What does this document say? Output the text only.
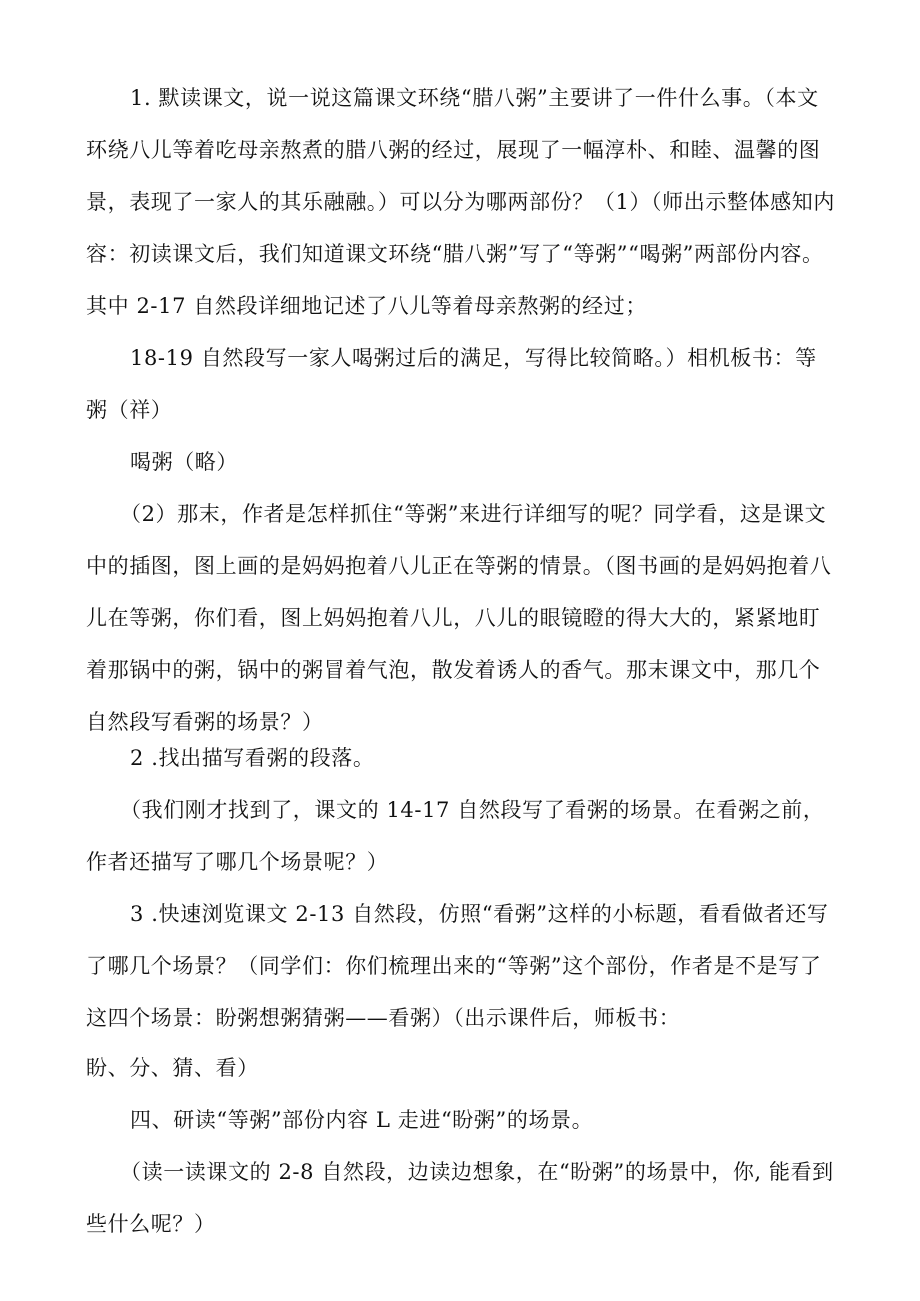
1. 默读课文，说一说这篇课文环绕“腊八粥”主要讲了一件什么事。（本文环绕八儿等着吃母亲熬煮的腊八粥的经过，展现了一幅淳朴、和睦、温馨的图景，表现了一家人的其乐融融。）可以分为哪两部份？（1）（师出示整体感知内容：初读课文后，我们知道课文环绕“腊八粥”写了“等粥”“喝粥”两部份内容。其中 2-17 自然段详细地记述了八儿等着母亲熬粥的经过；

18-19 自然段写一家人喝粥过后的满足，写得比较简略。）相机板书：等粥（祥）

喝粥（略）

（2）那末，作者是怎样抓住“等粥”来进行详细写的呢？同学看，这是课文中的插图，图上画的是妈妈抱着八儿正在等粥的情景。（图书画的是妈妈抱着八儿在等粥，你们看，图上妈妈抱着八儿，八儿的眼镜瞪的得大大的，紧紧地盯着那锅中的粥，锅中的粥冒着气泡，散发着诱人的香气。那末课文中，那几个自然段写看粥的场景？）

2 .找出描写看粥的段落。

（我们刚才找到了，课文的 14-17 自然段写了看粥的场景。在看粥之前，作者还描写了哪几个场景呢？）

3 .快速浏览课文 2-13 自然段，仿照“看粥”这样的小标题，看看做者还写了哪几个场景？（同学们：你们梳理出来的“等粥”这个部份，作者是不是写了这四个场景：盼粥想粥猜粥——看粥）（出示课件后，师板书：

盼、分、猜、看）

四、研读“等粥”部份内容 L 走进“盼粥”的场景。

（读一读课文的 2-8 自然段，边读边想象，在“盼粥”的场景中，你, 能看到些什么呢？）
